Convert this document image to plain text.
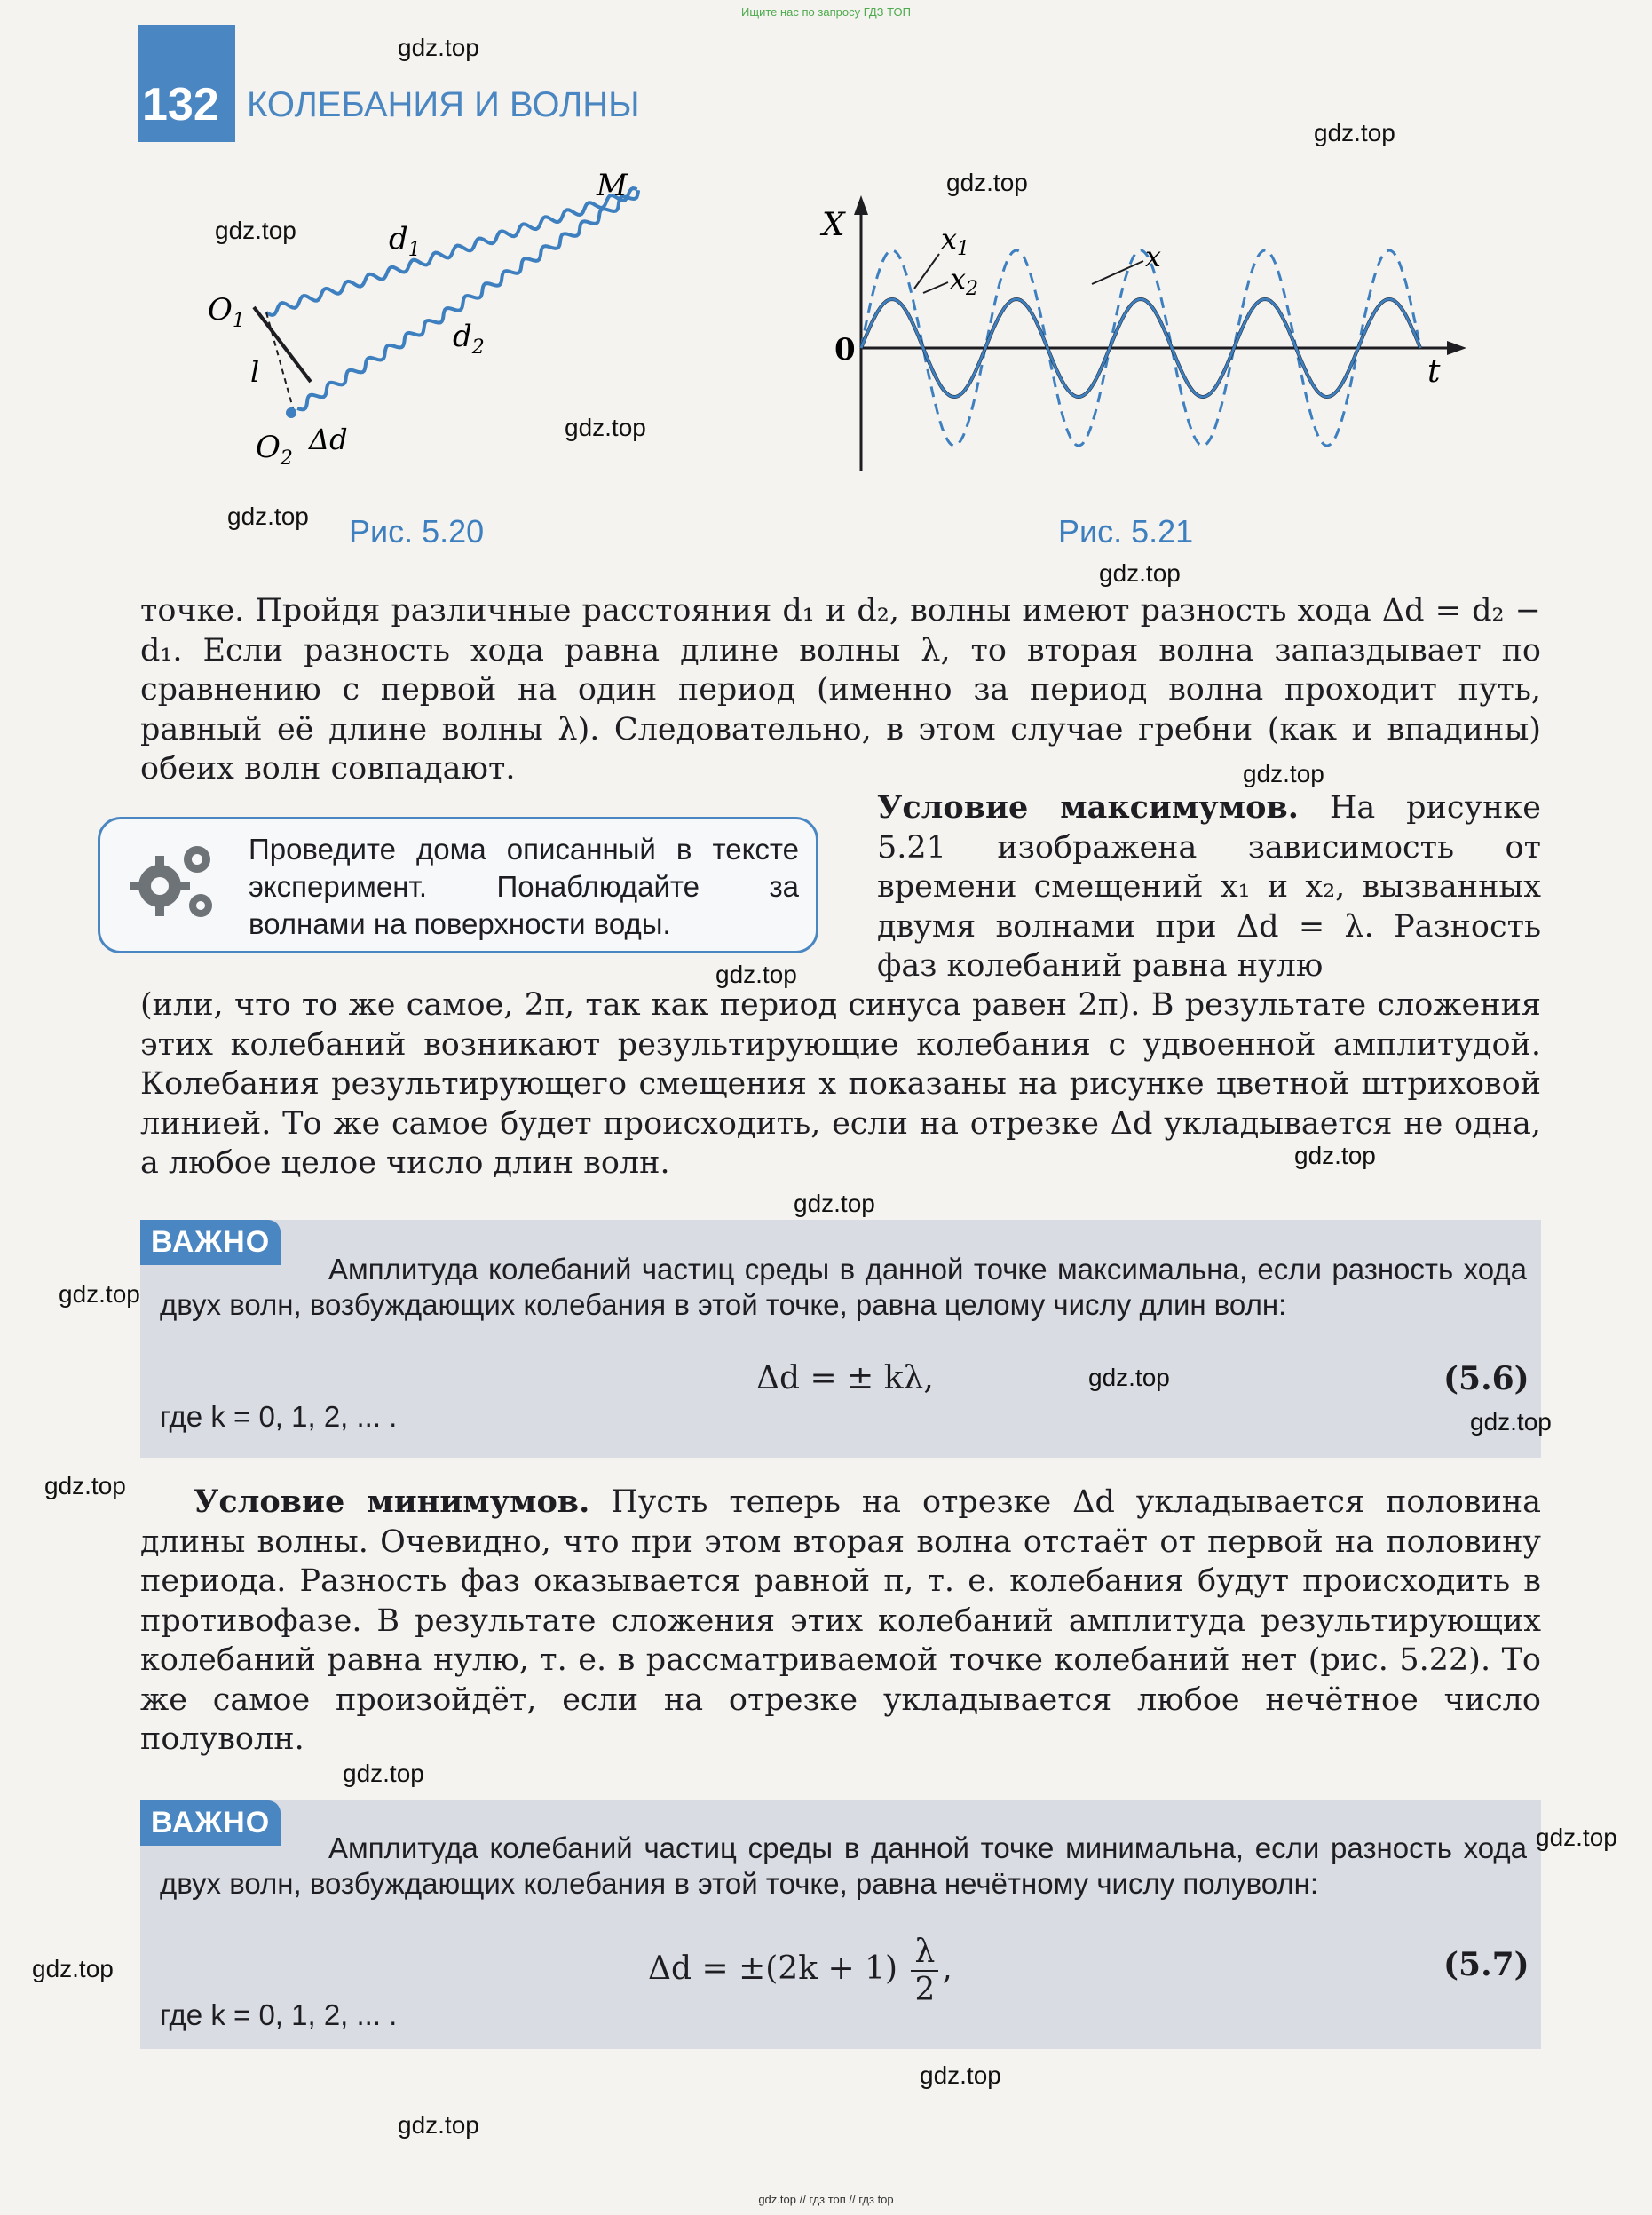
Ищите нас по запросу ГДЗ ТОП
132 КОЛЕБАНИЯ И ВОЛНЫ
M
$O_1$
$d_1$
$d_2$
l
$O_2$
Δd
Рис. 5.20
X
0
t
$x_1$
$x_2$
x
Рис. 5.21

точке. Пройдя различные расстояния d₁ и d₂, волны имеют разность хода Δd = d₂ − d₁. Если разность хода равна длине волны λ, то вторая волна запаздывает по сравнению с первой на один период (именно за период волна проходит путь, равный её длине волны λ). Следовательно, в этом случае гребни (как и впадины) обеих волн совпадают.

Проведите дома описанный в тексте эксперимент. Понаблюдайте за волнами на поверхности воды.

Условие максимумов. На рисунке 5.21 изображена зависимость от времени смещений x₁ и x₂, вызванных двумя волнами при Δd = λ. Разность фаз колебаний равна нулю

(или, что то же самое, 2π, так как период синуса равен 2π). В результате сложения этих колебаний возникают результирующие колебания с удвоенной амплитудой. Колебания результирующего смещения x показаны на рисунке цветной штриховой линией. То же самое будет происходить, если на отрезке Δd укладывается не одна, а любое целое число длин волн.

ВАЖНО
Амплитуда колебаний частиц среды в данной точке максимальна, если разность хода двух волн, возбуждающих колебания в этой точке, равна целому числу длин волн:
Δd = ± kλ,	(5.6)
где k = 0, 1, 2, ... .

Условие минимумов. Пусть теперь на отрезке Δd укладывается половина длины волны. Очевидно, что при этом вторая волна отстаёт от первой на половину периода. Разность фаз оказывается равной π, т. е. колебания будут происходить в противофазе. В результате сложения этих колебаний амплитуда результирующих колебаний равна нулю, т. е. в рассматриваемой точке колебаний нет (рис. 5.22). То же самое произойдёт, если на отрезке укладывается любое нечётное число полуволн.

ВАЖНО
Амплитуда колебаний частиц среды в данной точке минимальна, если разность хода двух волн, возбуждающих колебания в этой точке, равна нечётному числу полуволн:
$\Delta d = \pm(2k + 1) \frac{\lambda}{2}$ ,	(5.7)
где k = 0, 1, 2, ... .
gdz.top
gdz.top
gdz.top
gdz.top
gdz.top
gdz.top
gdz.top
gdz.top
gdz.top
gdz.top
gdz.top
gdz.top
gdz.top
gdz.top
gdz.top
gdz.top
gdz.top
gdz.top
gdz.top
gdz.top
gdz.top // гдз топ // гдз top
